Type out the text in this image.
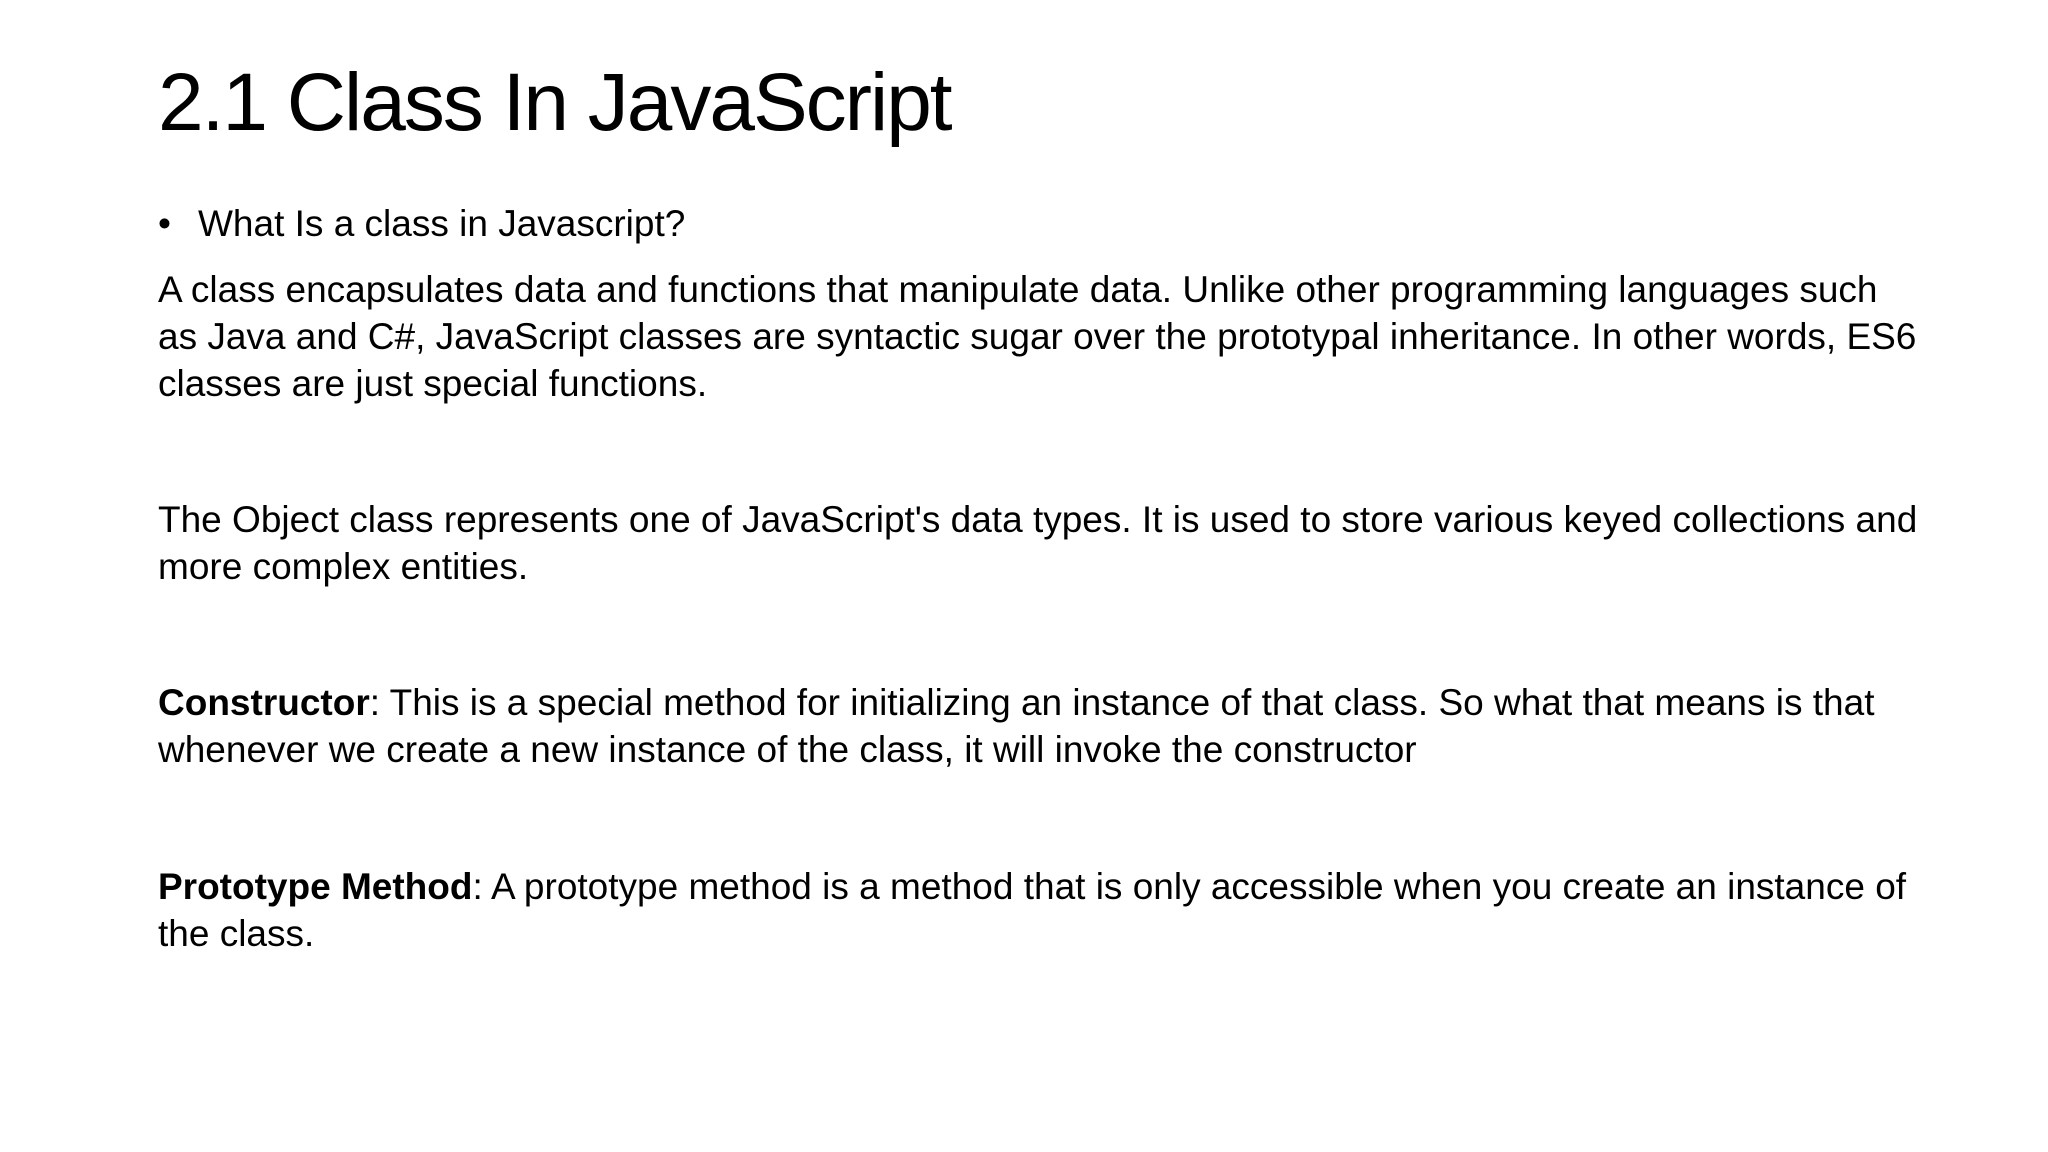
2.1 Class In JavaScript
• What Is a class in Javascript?

A class encapsulates data and functions that manipulate data. Unlike other programming languages such as Java and C#, JavaScript classes are syntactic sugar over the prototypal inheritance. In other words, ES6 classes are just special functions.

The Object class represents one of JavaScript's data types. It is used to store various keyed collections and more complex entities.

Constructor: This is a special method for initializing an instance of that class. So what that means is that whenever we create a new instance of the class, it will invoke the constructor

Prototype Method: A prototype method is a method that is only accessible when you create an instance of the class.
